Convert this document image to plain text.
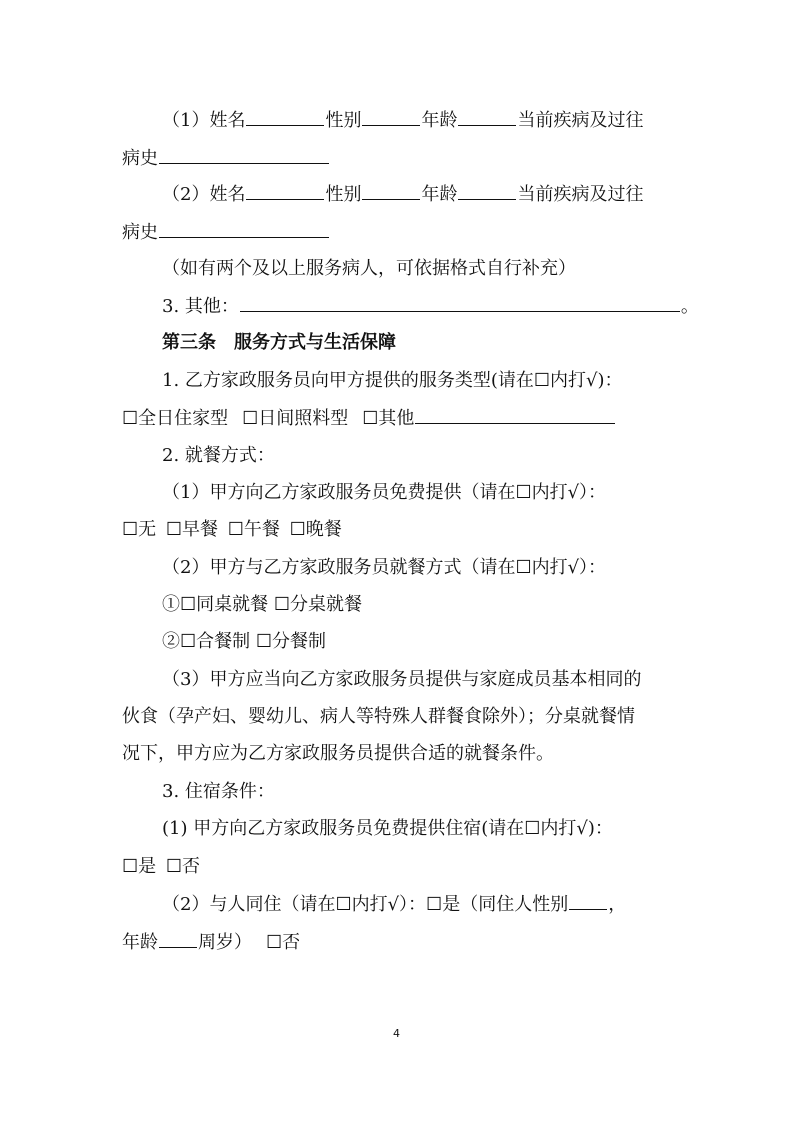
（1）姓名	性别	年龄	当前疾病及过往
病史
（2）姓名	性别	年龄	当前疾病及过往
病史
（如有两个及以上服务病人，可依据格式自行补充）
3. 其他：	。
第三条　服务方式与生活保障
1. 乙方家政服务员向甲方提供的服务类型(请在☐内打√)：
☐全日住家型 ☐日间照料型 ☐其他
2. 就餐方式：
（1）甲方向乙方家政服务员免费提供（请在☐内打√）：
☐无 ☐早餐 ☐午餐 ☐晚餐
（2）甲方与乙方家政服务员就餐方式（请在☐内打√）：
①☐同桌就餐 ☐分桌就餐
②☐合餐制 ☐分餐制
（3）甲方应当向乙方家政服务员提供与家庭成员基本相同的
伙食（孕产妇、婴幼儿、病人等特殊人群餐食除外）；分桌就餐情
况下，甲方应为乙方家政服务员提供合适的就餐条件。
3. 住宿条件：
(1) 甲方向乙方家政服务员免费提供住宿(请在☐内打√)：
☐是 ☐否
（2）与人同住（请在☐内打√）：☐是（同住人性别 ，
年龄 周岁） ☐否
4
